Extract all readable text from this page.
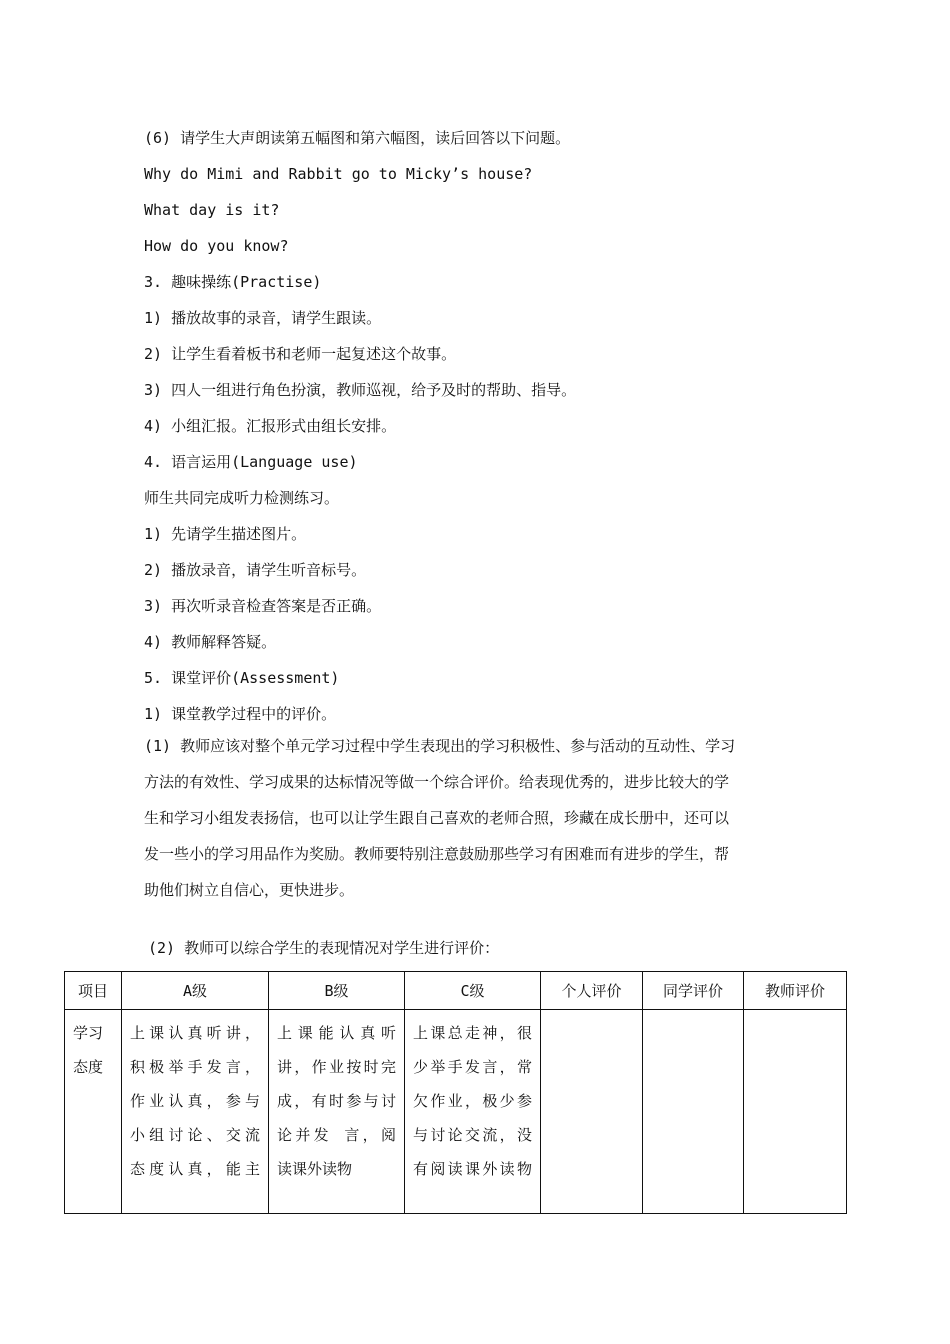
(6) 请学生大声朗读第五幅图和第六幅图，读后回答以下问题。
Why do Mimi and Rabbit go to Micky’s house?
What day is it?
How do you know?
3. 趣味操练(Practise)
1) 播放故事的录音，请学生跟读。
2) 让学生看着板书和老师一起复述这个故事。
3) 四人一组进行角色扮演，教师巡视，给予及时的帮助、指导。
4) 小组汇报。汇报形式由组长安排。
4. 语言运用(Language use)
师生共同完成听力检测练习。
1) 先请学生描述图片。
2) 播放录音，请学生听音标号。
3) 再次听录音检查答案是否正确。
4) 教师解释答疑。
5. 课堂评价(Assessment)
1) 课堂教学过程中的评价。
(1) 教师应该对整个单元学习过程中学生表现出的学习积极性、参与活动的互动性、学习
方法的有效性、学习成果的达标情况等做一个综合评价。给表现优秀的，进步比较大的学
生和学习小组发表扬信，也可以让学生跟自己喜欢的老师合照，珍藏在成长册中，还可以
发一些小的学习用品作为奖励。教师要特别注意鼓励那些学习有困难而有进步的学生，帮
助他们树立自信心，更快进步。
(2) 教师可以综合学生的表现情况对学生进行评价：
项目	A级	B级	C级	个人评价	同学评价	教师评价

学习
态度	上课认真听讲，
积极举手发言，
作业认真，参与
小组讨论、交流
态度认真，能主	上课能认真听
讲，作业按时完
成，有时参与讨
论并发 言，阅
读课外读物	上课总走神，很
少举手发言，常
欠作业，极少参
与讨论交流，没
有阅读课外读物			
